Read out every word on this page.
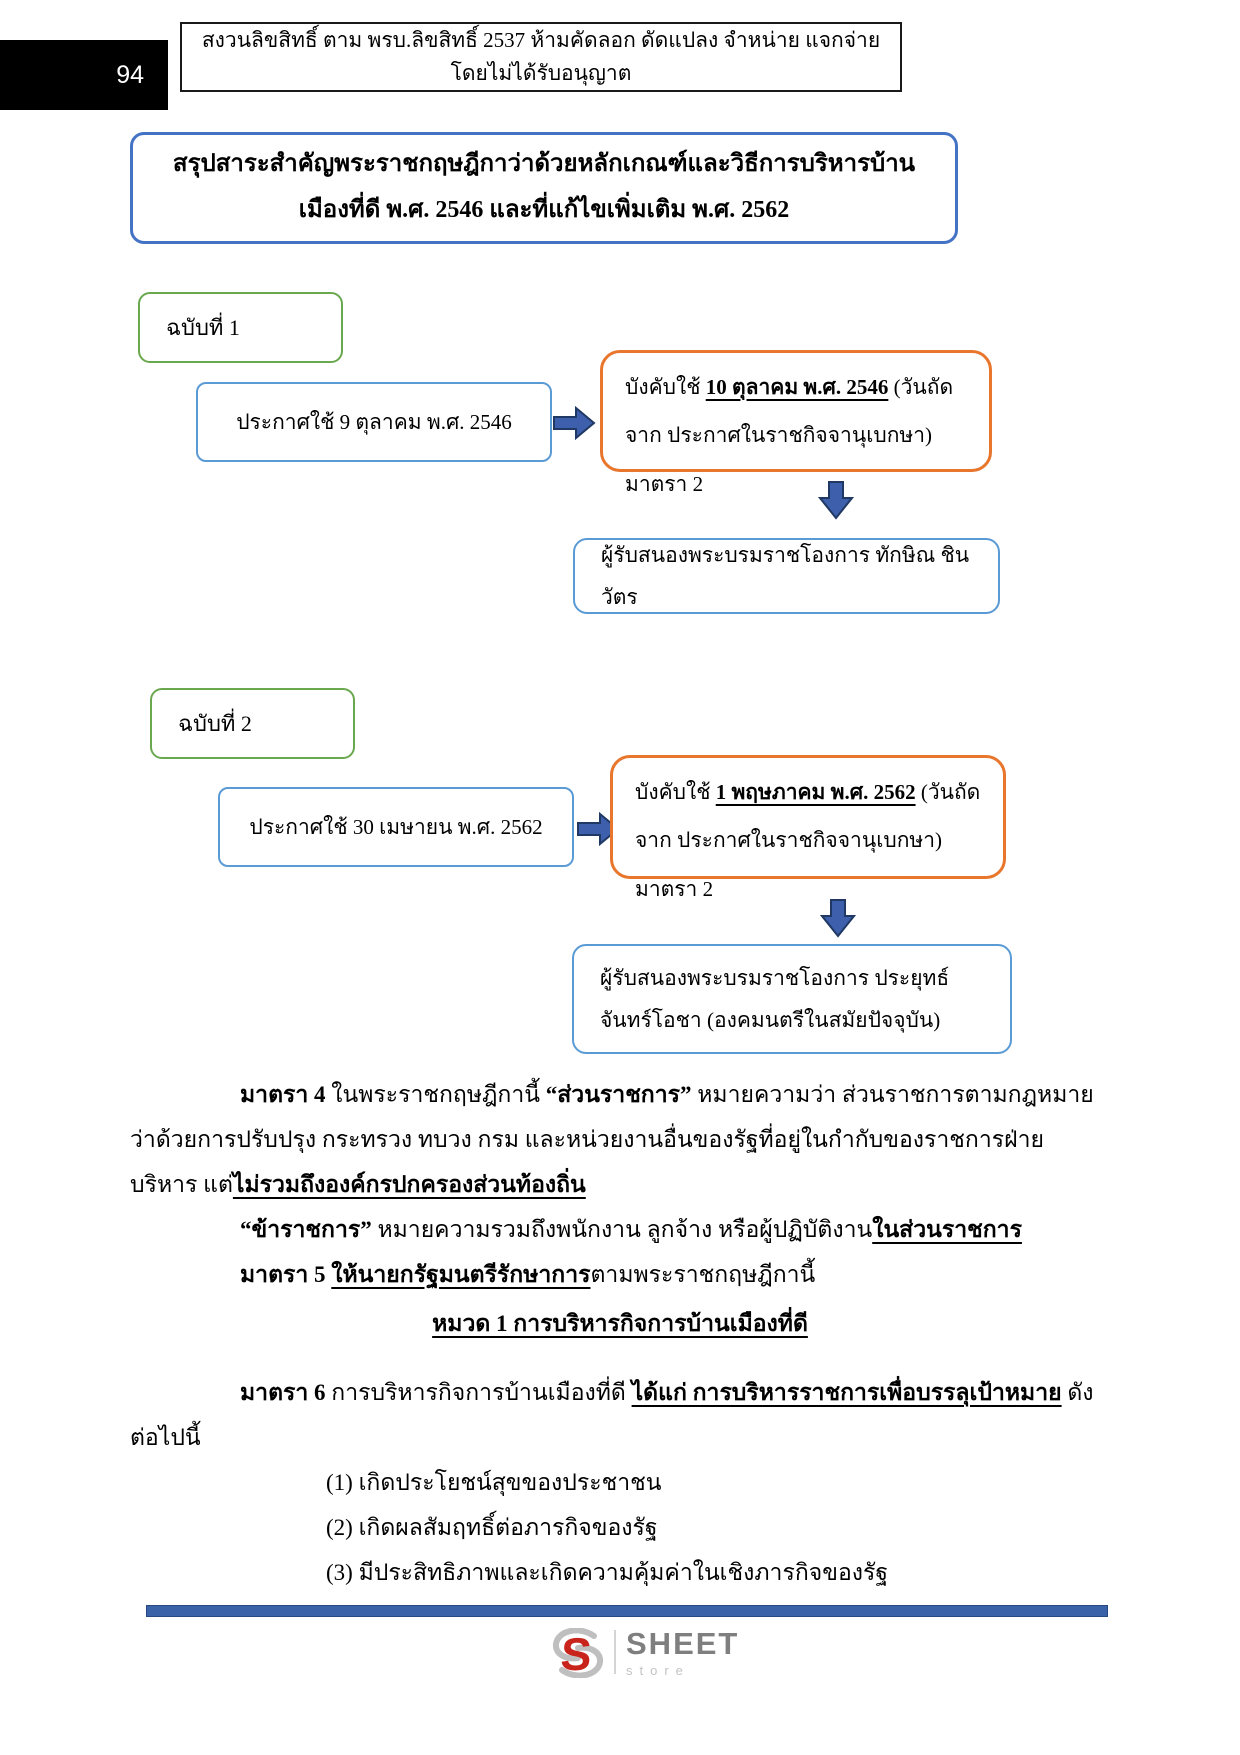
94
สงวนลิขสิทธิ์ ตาม พรบ.ลิขสิทธิ์ 2537 ห้ามคัดลอก ดัดแปลง จำหน่าย แจกจ่าย โดยไม่ได้รับอนุญาต
สรุปสาระสำคัญพระราชกฤษฎีกาว่าด้วยหลักเกณฑ์และวิธีการบริหารบ้านเมืองที่ดี พ.ศ. 2546 และที่แก้ไขเพิ่มเติม พ.ศ. 2562
ฉบับที่ 1
ประกาศใช้ 9 ตุลาคม พ.ศ. 2546
บังคับใช้ 10 ตุลาคม พ.ศ. 2546 (วันถัดจาก ประกาศในราชกิจจานุเบกษา) มาตรา 2
ผู้รับสนองพระบรมราชโองการ ทักษิณ ชินวัตร
ฉบับที่ 2
ประกาศใช้ 30 เมษายน พ.ศ. 2562
บังคับใช้ 1 พฤษภาคม พ.ศ. 2562 (วันถัดจาก ประกาศในราชกิจจานุเบกษา) มาตรา 2
ผู้รับสนองพระบรมราชโองการ ประยุทธ์ จันทร์โอชา (องคมนตรีในสมัยปัจจุบัน)

มาตรา 4 ในพระราชกฤษฎีกานี้ “ส่วนราชการ” หมายความว่า ส่วนราชการตามกฎหมายว่าด้วยการปรับปรุง กระทรวง ทบวง กรม และหน่วยงานอื่นของรัฐที่อยู่ในกำกับของราชการฝ่ายบริหาร แต่ไม่รวมถึงองค์กรปกครองส่วนท้องถิ่น

“ข้าราชการ” หมายความรวมถึงพนักงาน ลูกจ้าง หรือผู้ปฏิบัติงานในส่วนราชการ

มาตรา 5 ให้นายกรัฐมนตรีรักษาการตามพระราชกฤษฎีกานี้

หมวด 1 การบริหารกิจการบ้านเมืองที่ดี

มาตรา 6 การบริหารกิจการบ้านเมืองที่ดี ได้แก่ การบริหารราชการเพื่อบรรลุเป้าหมาย ดังต่อไปนี้

(1) เกิดประโยชน์สุขของประชาชน

(2) เกิดผลสัมฤทธิ์ต่อภารกิจของรัฐ

(3) มีประสิทธิภาพและเกิดความคุ้มค่าในเชิงภารกิจของรัฐ

S SHEET
store
